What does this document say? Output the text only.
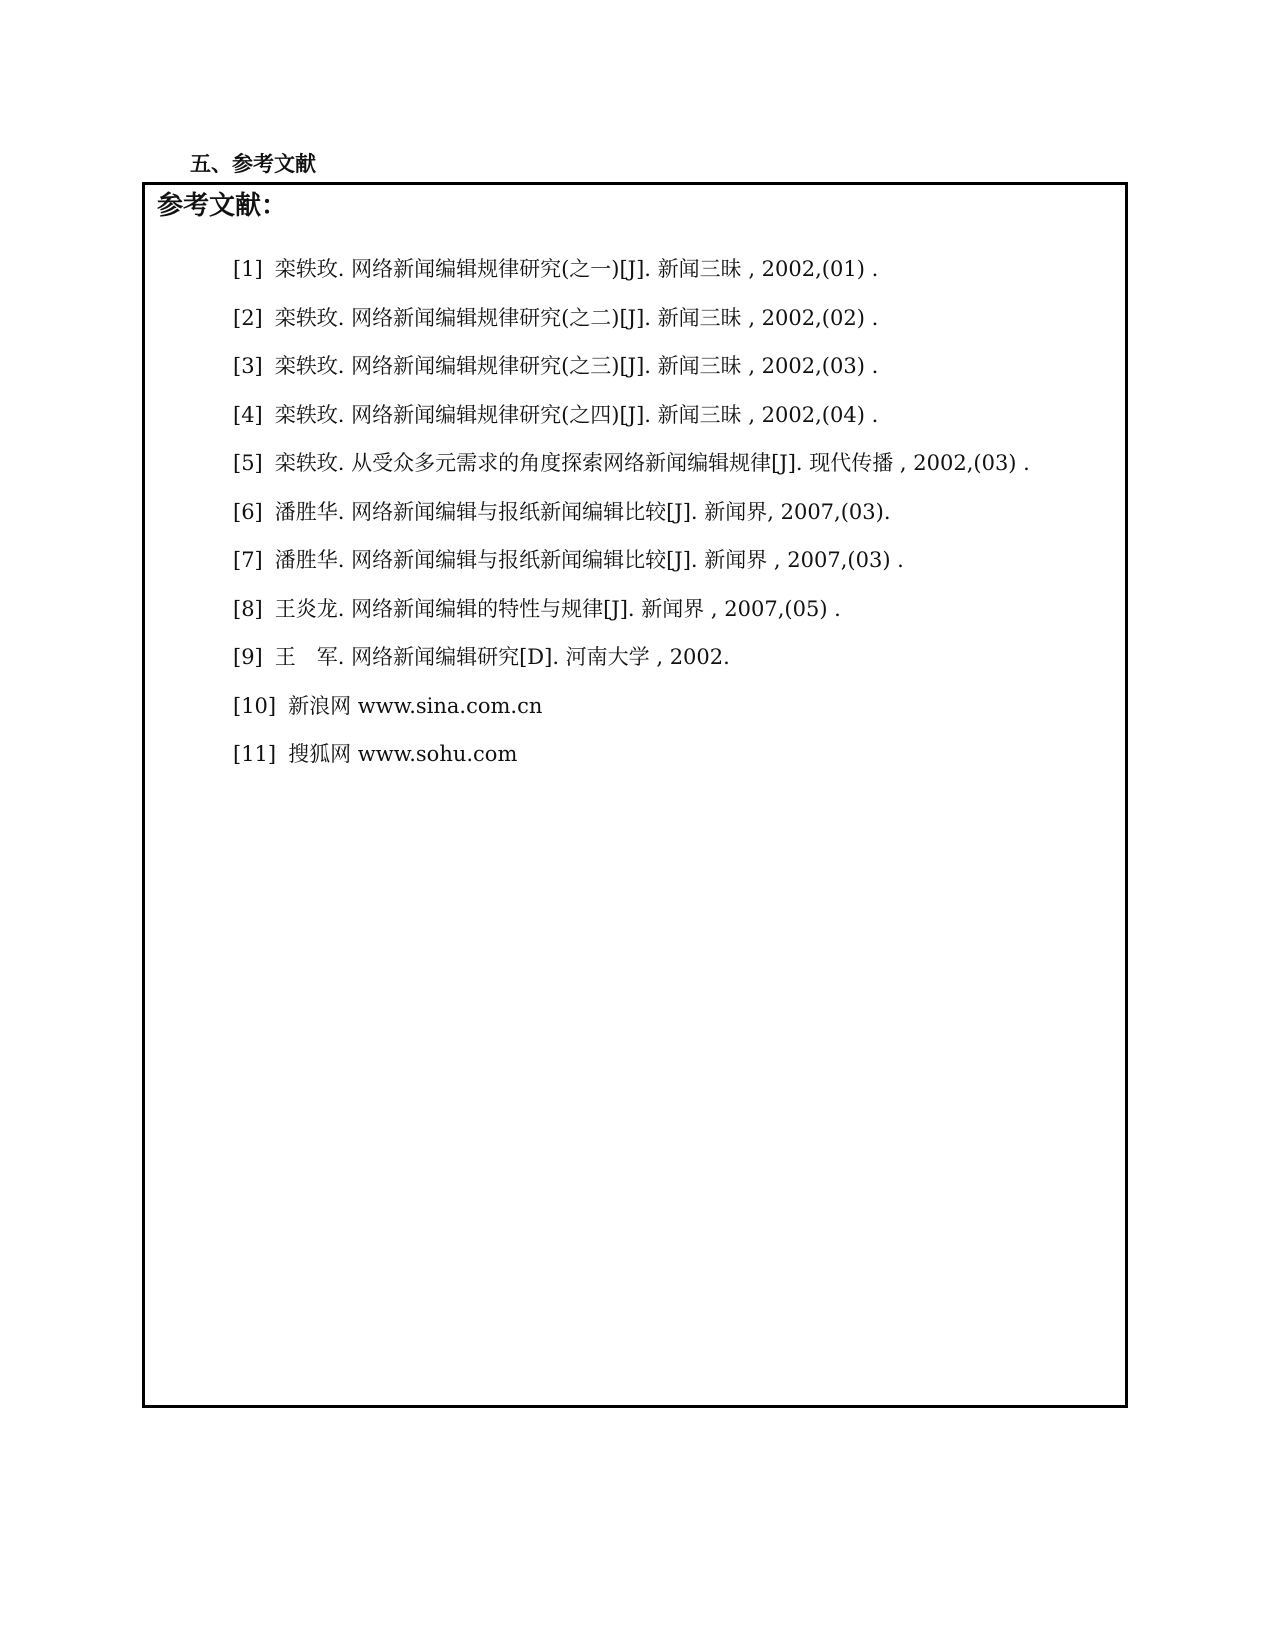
五、参考文献
参考文献：
[1] 栾轶玫. 网络新闻编辑规律研究(之一)[J]. 新闻三昧 , 2002,(01) .
[2] 栾轶玫. 网络新闻编辑规律研究(之二)[J]. 新闻三昧 , 2002,(02) .
[3] 栾轶玫. 网络新闻编辑规律研究(之三)[J]. 新闻三昧 , 2002,(03) .
[4] 栾轶玫. 网络新闻编辑规律研究(之四)[J]. 新闻三昧 , 2002,(04) .
[5] 栾轶玫. 从受众多元需求的角度探索网络新闻编辑规律[J]. 现代传播 , 2002,(03) .
[6] 潘胜华. 网络新闻编辑与报纸新闻编辑比较[J]. 新闻界, 2007,(03).
[7] 潘胜华. 网络新闻编辑与报纸新闻编辑比较[J]. 新闻界 , 2007,(03) .
[8] 王炎龙. 网络新闻编辑的特性与规律[J]. 新闻界 , 2007,(05) .
[9] 王　军. 网络新闻编辑研究[D]. 河南大学 , 2002.
[10] 新浪网 www.sina.com.cn
[11] 搜狐网 www.sohu.com
